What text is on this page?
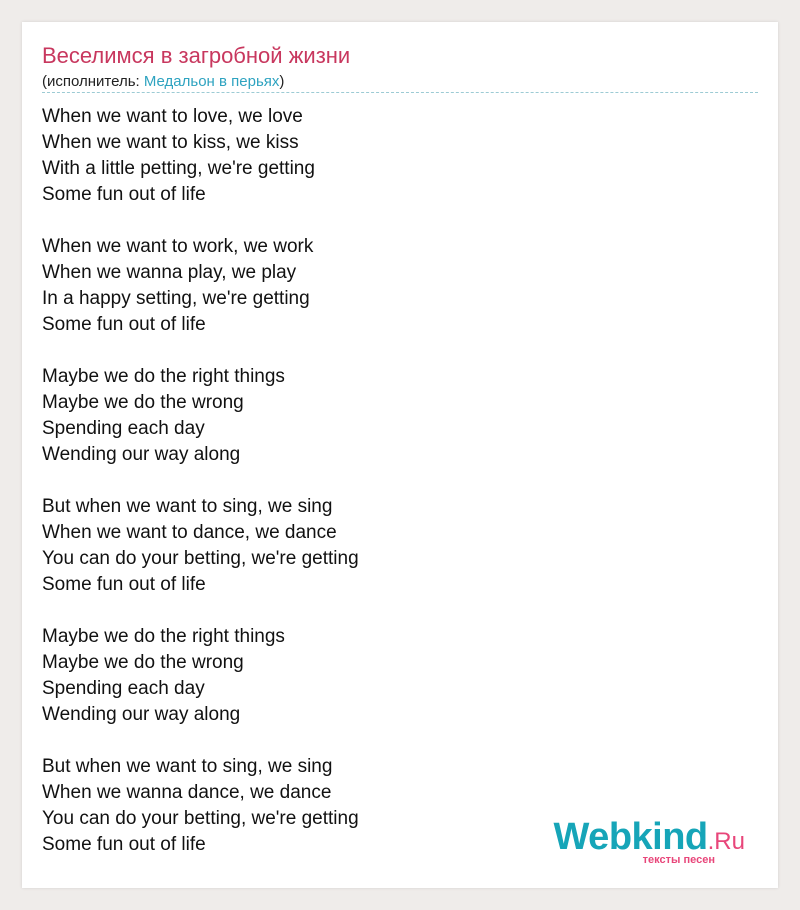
Веселимся в загробной жизни
(исполнитель: Медальон в перьях)
When we want to love, we love
When we want to kiss, we kiss
With a little petting, we're getting
Some fun out of life
When we want to work, we work
When we wanna play, we play
In a happy setting, we're getting
Some fun out of life
Maybe we do the right things
Maybe we do the wrong
Spending each day
Wending our way along
But when we want to sing, we sing
When we want to dance, we dance
You can do your betting, we're getting
Some fun out of life
Maybe we do the right things
Maybe we do the wrong
Spending each day
Wending our way along
But when we want to sing, we sing
When we wanna dance, we dance
You can do your betting, we're getting
Some fun out of life	Webkind.Ru
тексты песен
